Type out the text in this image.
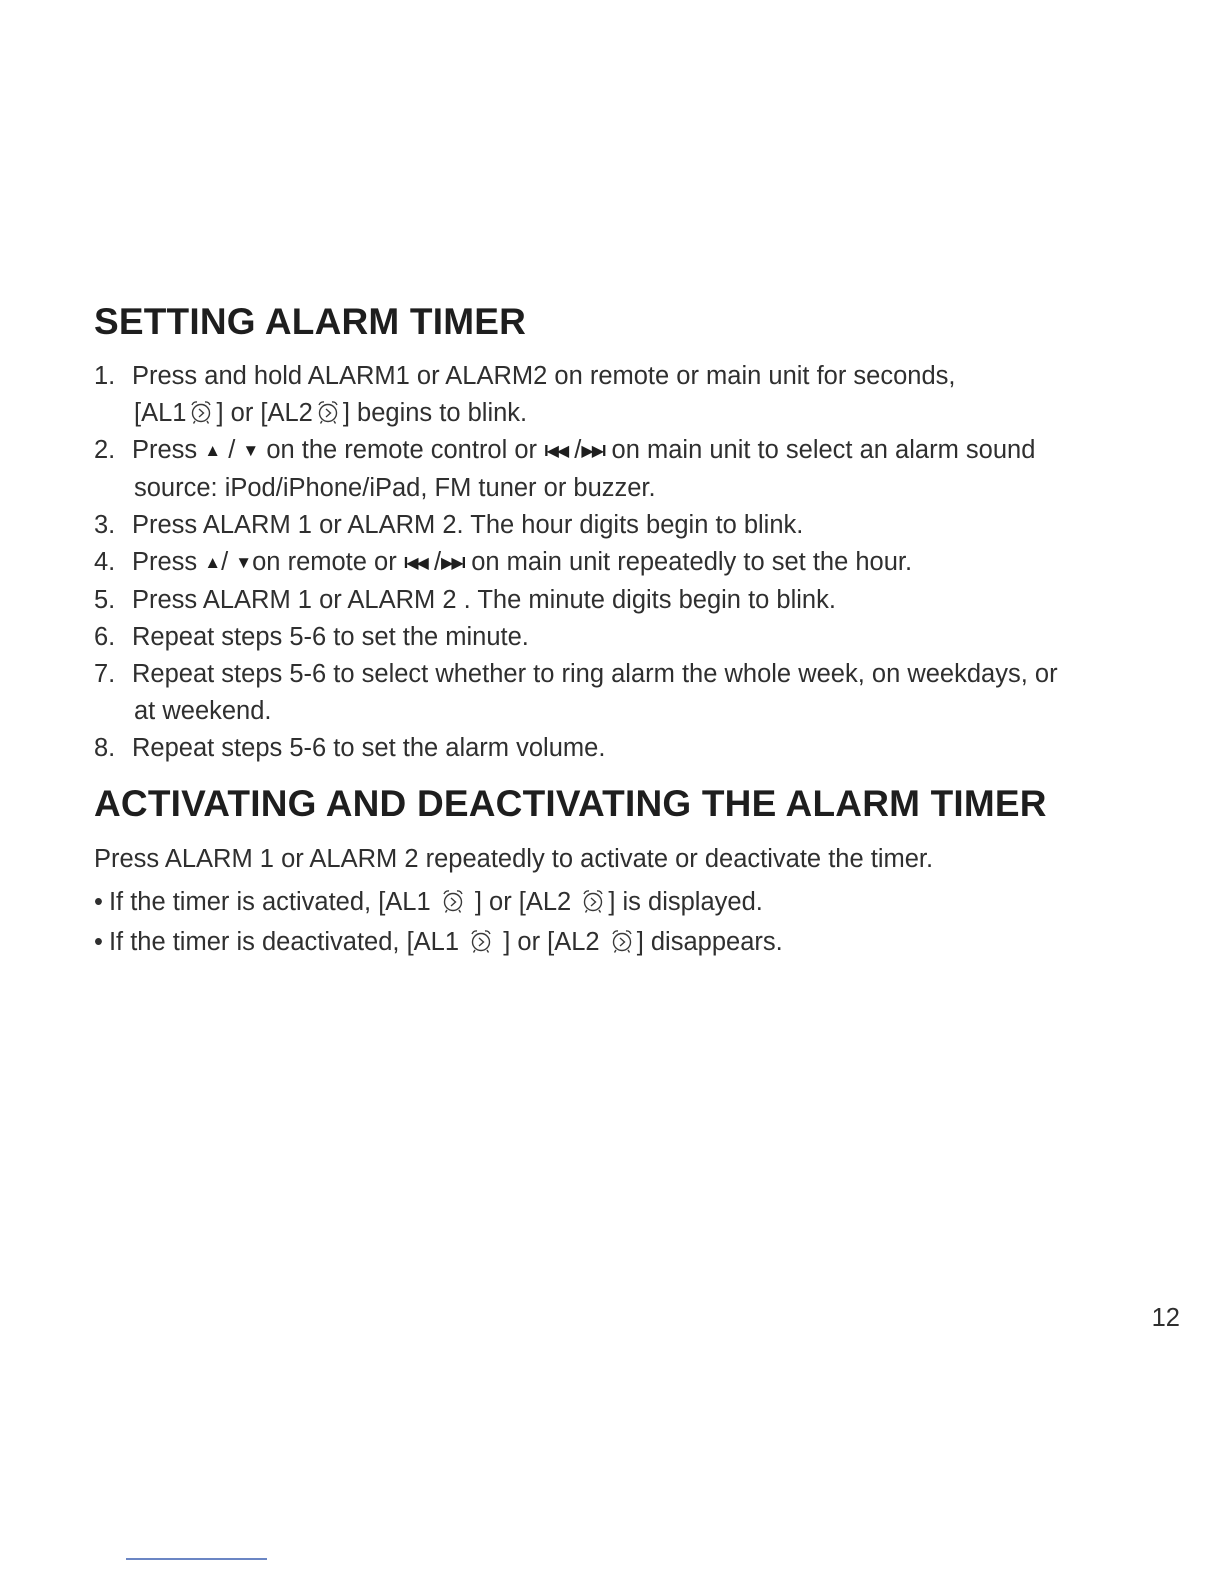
SETTING ALARM TIMER
1. Press and hold ALARM1 or ALARM2 on remote or main unit for seconds,
[AL1 ] or [AL2 ] begins to blink.
2. Press ▲ / ▼ on the remote control or I◀◀ /▶▶I on main unit to select an alarm sound
source: iPod/iPhone/iPad, FM tuner or buzzer.
3. Press ALARM 1 or ALARM 2. The hour digits begin to blink.
4. Press ▲/ ▼on remote or I◀◀ /▶▶I on main unit repeatedly to set the hour.
5. Press ALARM 1 or ALARM 2 . The minute digits begin to blink.
6. Repeat steps 5-6 to set the minute.
7. Repeat steps 5-6 to select whether to ring alarm the whole week, on weekdays, or
at weekend.
8. Repeat steps 5-6 to set the alarm volume.
ACTIVATING AND DEACTIVATING THE ALARM TIMER

Press ALARM 1 or ALARM 2 repeatedly to activate or deactivate the timer.

• If the timer is activated, [AL1 ] or [AL2 ] is displayed.
• If the timer is deactivated, [AL1 ] or [AL2 ] disappears.
12
